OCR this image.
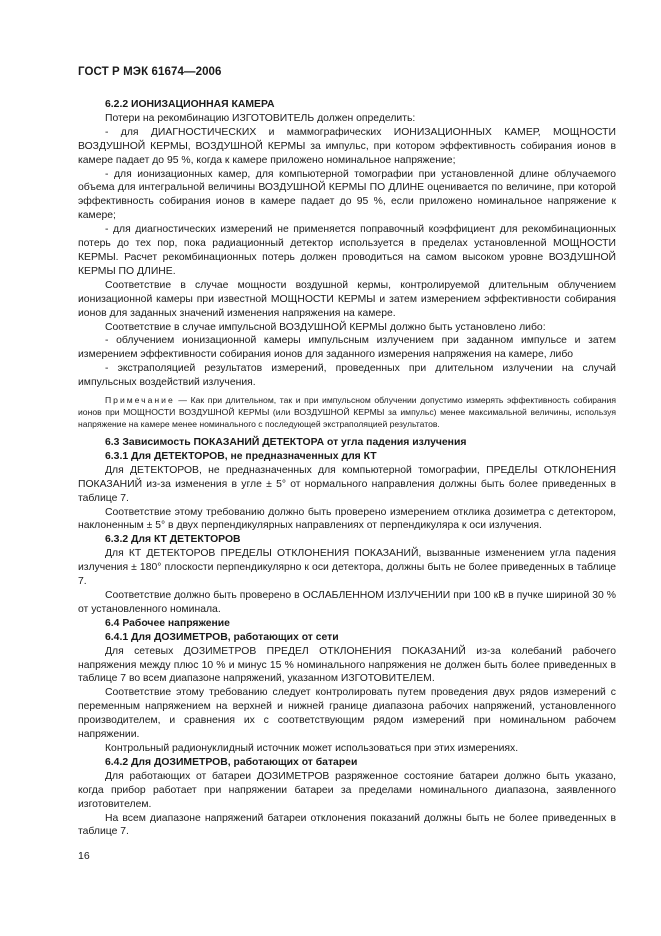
ГОСТ Р МЭК 61674—2006

6.2.2 ИОНИЗАЦИОННАЯ КАМЕРА

Потери на рекомбинацию ИЗГОТОВИТЕЛЬ должен определить:

- для ДИАГНОСТИЧЕСКИХ и маммографических ИОНИЗАЦИОННЫХ КАМЕР, МОЩНОСТИ ВОЗДУШНОЙ КЕРМЫ, ВОЗДУШНОЙ КЕРМЫ за импульс, при котором эффективность собирания ионов в камере падает до 95 %, когда к камере приложено номинальное напряжение;

- для ионизационных камер, для компьютерной томографии при установленной длине облучаемого объема для интегральной величины ВОЗДУШНОЙ КЕРМЫ ПО ДЛИНЕ оценивается по величине, при которой эффективность собирания ионов в камере падает до 95 %, если приложено номинальное напряжение к камере;

- для диагностических измерений не применяется поправочный коэффициент для рекомбинационных потерь до тех пор, пока радиационный детектор используется в пределах установленной МОЩНОСТИ КЕРМЫ. Расчет рекомбинационных потерь должен проводиться на самом высоком уровне ВОЗДУШНОЙ КЕРМЫ ПО ДЛИНЕ.

Соответствие в случае мощности воздушной кермы, контролируемой длительным облучением ионизационной камеры при известной МОЩНОСТИ КЕРМЫ и затем измерением эффективности собирания ионов для заданных значений изменения напряжения на камере.

Соответствие в случае импульсной ВОЗДУШНОЙ КЕРМЫ должно быть установлено либо:

- облучением ионизационной камеры импульсным излучением при заданном импульсе и затем измерением эффективности собирания ионов для заданного измерения напряжения на камере, либо

- экстраполяцией результатов измерений, проведенных при длительном излучении на случай импульсных воздействий излучения.

Примечание — Как при длительном, так и при импульсном облучении допустимо измерять эффективность собирания ионов при МОЩНОСТИ ВОЗДУШНОЙ КЕРМЫ (или ВОЗДУШНОЙ КЕРМЫ за импульс) менее максимальной величины, используя напряжение на камере менее номинального с последующей экстраполяцией результатов.

6.3 Зависимость ПОКАЗАНИЙ ДЕТЕКТОРА от угла падения излучения

6.3.1 Для ДЕТЕКТОРОВ, не предназначенных для КТ

Для ДЕТЕКТОРОВ, не предназначенных для компьютерной томографии, ПРЕДЕЛЫ ОТКЛОНЕНИЯ ПОКАЗАНИЙ из-за изменения в угле ± 5° от нормального направления должны быть более приведенных в таблице 7.

Соответствие этому требованию должно быть проверено измерением отклика дозиметра с детектором, наклоненным ± 5° в двух перпендикулярных направлениях от перпендикуляра к оси излучения.

6.3.2 Для КТ ДЕТЕКТОРОВ

Для КТ ДЕТЕКТОРОВ ПРЕДЕЛЫ ОТКЛОНЕНИЯ ПОКАЗАНИЙ, вызванные изменением угла падения излучения ± 180° плоскости перпендикулярно к оси детектора, должны быть не более приведенных в таблице 7.

Соответствие должно быть проверено в ОСЛАБЛЕННОМ ИЗЛУЧЕНИИ при 100 кВ в пучке шириной 30 % от установленного номинала.

6.4 Рабочее напряжение

6.4.1 Для ДОЗИМЕТРОВ, работающих от сети

Для сетевых ДОЗИМЕТРОВ ПРЕДЕЛ ОТКЛОНЕНИЯ ПОКАЗАНИЙ из-за колебаний рабочего напряжения между плюс 10 % и минус 15 % номинального напряжения не должен быть более приведенных в таблице 7 во всем диапазоне напряжений, указанном ИЗГОТОВИТЕЛЕМ.

Соответствие этому требованию следует контролировать путем проведения двух рядов измерений с переменным напряжением на верхней и нижней границе диапазона рабочих напряжений, установленного производителем, и сравнения их с соответствующим рядом измерений при номинальном рабочем напряжении.

Контрольный радионуклидный источник может использоваться при этих измерениях.

6.4.2 Для ДОЗИМЕТРОВ, работающих от батареи

Для работающих от батареи ДОЗИМЕТРОВ разряженное состояние батареи должно быть указано, когда прибор работает при напряжении батареи за пределами номинального диапазона, заявленного изготовителем.

На всем диапазоне напряжений батареи отклонения показаний должны быть не более приведенных в таблице 7.

16
